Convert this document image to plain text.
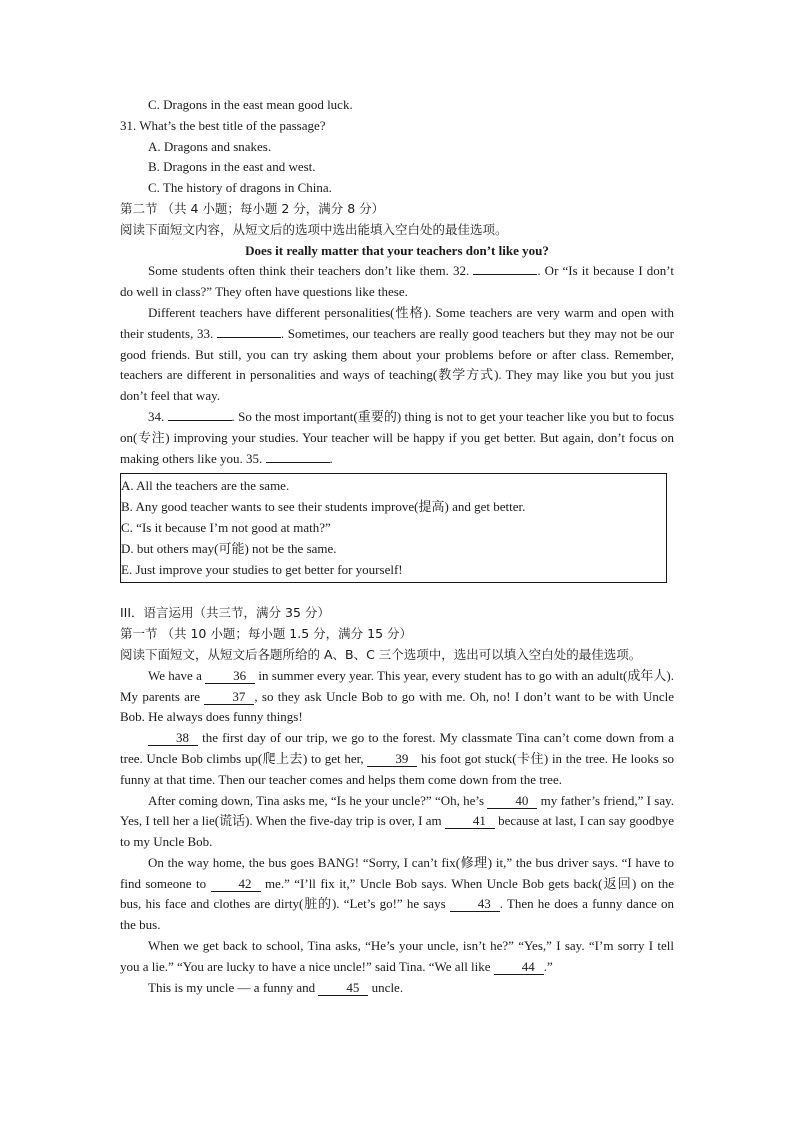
C. Dragons in the east mean good luck.
31. What’s the best title of the passage?
A. Dragons and snakes.
B. Dragons in the east and west.
C. The history of dragons in China.
第二节 （共 4 小题；每小题 2 分，满分 8 分）
阅读下面短文内容，从短文后的选项中选出能填入空白处的最佳选项。
Does it really matter that your teachers don’t like you?
Some students often think their teachers don’t like them. 32.	. Or “Is it because I don’t do well in class?” They often have questions like these.
Different teachers have different personalities(性格). Some teachers are very warm and open with their students, 33.	. Sometimes, our teachers are really good teachers but they may not be our good friends. But still, you can try asking them about your problems before or after class. Remember, teachers are different in personalities and ways of teaching(教学方式). They may like you but you just don’t feel that way.
34.	. So the most important(重要的) thing is not to get your teacher like you but to focus on(专注) improving your studies. Your teacher will be happy if you get better. But again, don’t focus on making others like you. 35.	.
A. All the teachers are the same.
B. Any good teacher wants to see their students improve(提高) and get better.
C. “Is it because I’m not good at math?”
D. but others may(可能) not be the same.
E. Just improve your studies to get better for yourself!
III．语言运用（共三节，满分 35 分）
第一节 （共 10 小题；每小题 1.5 分，满分 15 分）
阅读下面短文，从短文后各题所给的 A、B、C 三个选项中，选出可以填入空白处的最佳选项。
We have a 36 in summer every year. This year, every student has to go with an adult(成年人). My parents are 37 , so they ask Uncle Bob to go with me. Oh, no! I don’t want to be with Uncle Bob. He always does funny things!
38 the first day of our trip, we go to the forest. My classmate Tina can’t come down from a tree. Uncle Bob climbs up(爬上去) to get her, 39 his foot got stuck(卡住) in the tree. He looks so funny at that time. Then our teacher comes and helps them come down from the tree.
After coming down, Tina asks me, “Is he your uncle?” “Oh, he’s 40 my father’s friend,” I say. Yes, I tell her a lie(谎话). When the five-day trip is over, I am 41 because at last, I can say goodbye to my Uncle Bob.
On the way home, the bus goes BANG! “Sorry, I can’t fix(修理) it,” the bus driver says. “I have to find someone to 42 me.” “I’ll fix it,” Uncle Bob says. When Uncle Bob gets back(返回) on the bus, his face and clothes are dirty(脏的). “Let’s go!” he says 43 . Then he does a funny dance on the bus.
When we get back to school, Tina asks, “He’s your uncle, isn’t he?” “Yes,” I say. “I’m sorry I tell you a lie.” “You are lucky to have a nice uncle!” said Tina. “We all like 44 .”
This is my uncle — a funny and 45 uncle.
